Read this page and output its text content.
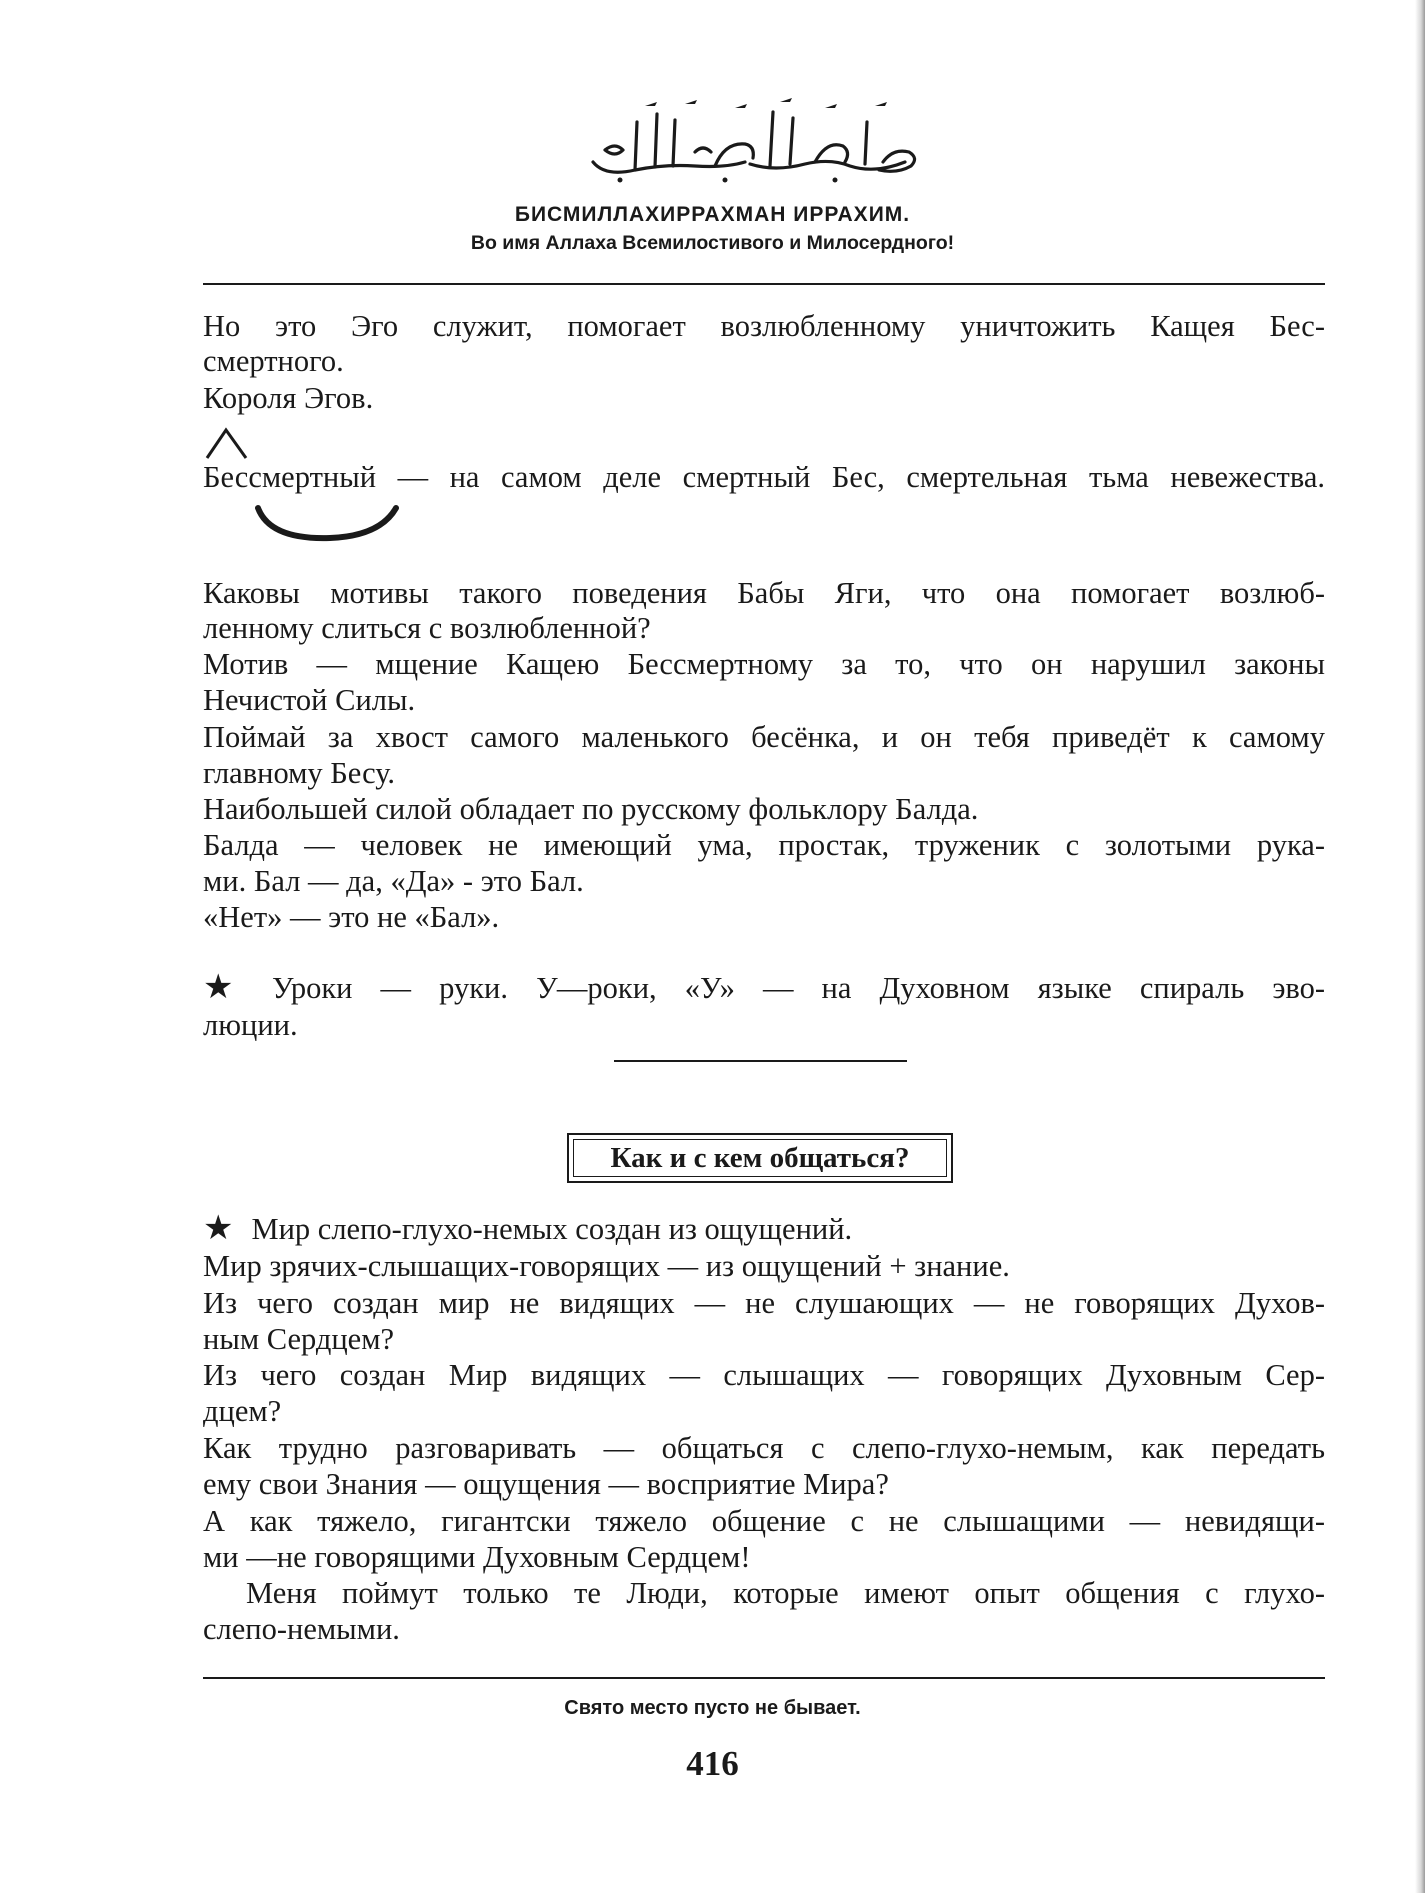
БИСМИЛЛАХИРРАХМАН ИРРАХИМ.
Во имя Аллаха Всемилостивого и Милосердного!
Но это Эго служит, помогает возлюбленному уничтожить Кащея Бес-
смертного.
Короля Эгов.
Бессмертный — на самом деле смертный Бес, смертельная тьма невежества.
Каковы мотивы такого поведения Бабы Яги, что она помогает возлюб-
ленному слиться с возлюбленной?
Мотив — мщение Кащею Бессмертному за то, что он нарушил законы
Нечистой Силы.
Поймай за хвост самого маленького бесёнка, и он тебя приведёт к самому
главному Бесу.
Наибольшей силой обладает по русскому фольклору Балда.
Балда — человек не имеющий ума, простак, труженик с золотыми рука-
ми. Бал — да, «Да» - это Бал.
«Нет» — это не «Бал».
★ Уроки — руки. У—роки, «У» — на Духовном языке спираль эво-
люции.
Как и с кем общаться?
★ Мир слепо-глухо-немых создан из ощущений.
Мир зрячих-слышащих-говорящих — из ощущений + знание.
Из чего создан мир не видящих — не слушающих — не говорящих Духов-
ным Сердцем?
Из чего создан Мир видящих — слышащих — говорящих Духовным Сер-
дцем?
Как трудно разговаривать — общаться с слепо-глухо-немым, как передать
ему свои Знания — ощущения — восприятие Мира?
А как тяжело, гигантски тяжело общение с не слышащими — невидящи-
ми —не говорящими Духовным Сердцем!
Меня поймут только те Люди, которые имеют опыт общения с глухо-
слепо-немыми.
Свято место пусто не бывает.
416
